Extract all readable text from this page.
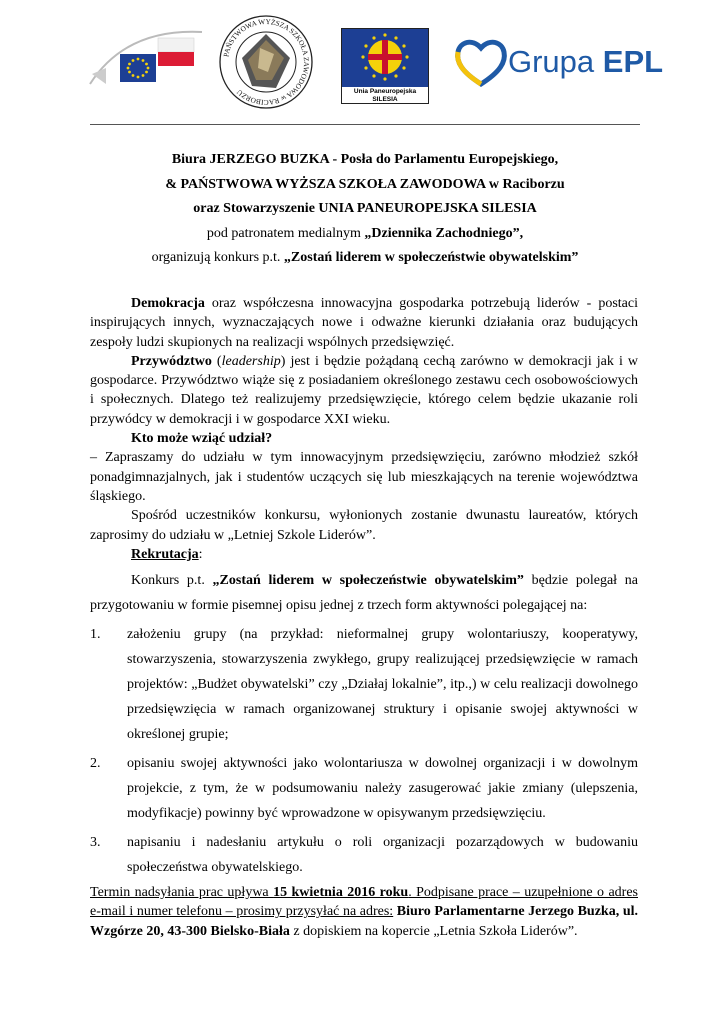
PAŃSTWOWA WYŻSZA SZKOŁA ZAWODOWA w RACIBORZU	Unia Paneuropejska
SILESIA
Grupa EPL

Biura JERZEGO BUZKA - Posła do Parlamentu Europejskiego,

& PAŃSTWOWA WYŻSZA SZKOŁA ZAWODOWA w Raciborzu

oraz Stowarzyszenie UNIA PANEUROPEJSKA SILESIA

pod patronatem medialnym „Dziennika Zachodniego”,

organizują konkurs p.t. „Zostań liderem w społeczeństwie obywatelskim”

Demokracja oraz współczesna innowacyjna gospodarka potrzebują liderów - postaci inspirujących innych, wyznaczających nowe i odważne kierunki działania oraz budujących zespoły ludzi skupionych na realizacji wspólnych przedsięwzięć.

Przywództwo (leadership) jest i będzie pożądaną cechą zarówno w demokracji jak i w gospodarce. Przywództwo wiąże się z posiadaniem określonego zestawu cech osobowościowych i społecznych. Dlatego też realizujemy przedsięwzięcie, którego celem będzie ukazanie roli przywódcy w demokracji i w gospodarce XXI wieku.

Kto może wziąć udział?

– Zapraszamy do udziału w tym innowacyjnym przedsięwzięciu, zarówno młodzież szkół ponadgimnazjalnych, jak i studentów uczących się lub mieszkających na terenie województwa śląskiego.

Spośród uczestników konkursu, wyłonionych zostanie dwunastu laureatów, których zaprosimy do udziału w „Letniej Szkole Liderów”.

Rekrutacja:

Konkurs p.t. „Zostań liderem w społeczeństwie obywatelskim” będzie polegał na przygotowaniu w formie pisemnej opisu jednej z trzech form aktywności polegającej na:

1. założeniu grupy (na przykład: nieformalnej grupy wolontariuszy, kooperatywy, stowarzyszenia, stowarzyszenia zwykłego, grupy realizującej przedsięwzięcie w ramach projektów: „Budżet obywatelski” czy „Działaj lokalnie”, itp.,) w celu realizacji dowolnego przedsięwzięcia w ramach organizowanej struktury i opisanie swojej aktywności w określonej grupie;
2. opisaniu swojej aktywności jako wolontariusza w dowolnej organizacji i w dowolnym projekcie, z tym, że w podsumowaniu należy zasugerować jakie zmiany (ulepszenia, modyfikacje) powinny być wprowadzone w opisywanym przedsięwzięciu.
3. napisaniu i nadesłaniu artykułu o roli organizacji pozarządowych w budowaniu społeczeństwa obywatelskiego.

Termin nadsyłania prac upływa 15 kwietnia 2016 roku. Podpisane prace – uzupełnione o adres e-mail i numer telefonu – prosimy przysyłać na adres: Biuro Parlamentarne Jerzego Buzka, ul. Wzgórze 20, 43-300 Bielsko-Biała z dopiskiem na kopercie „Letnia Szkoła Liderów”.
